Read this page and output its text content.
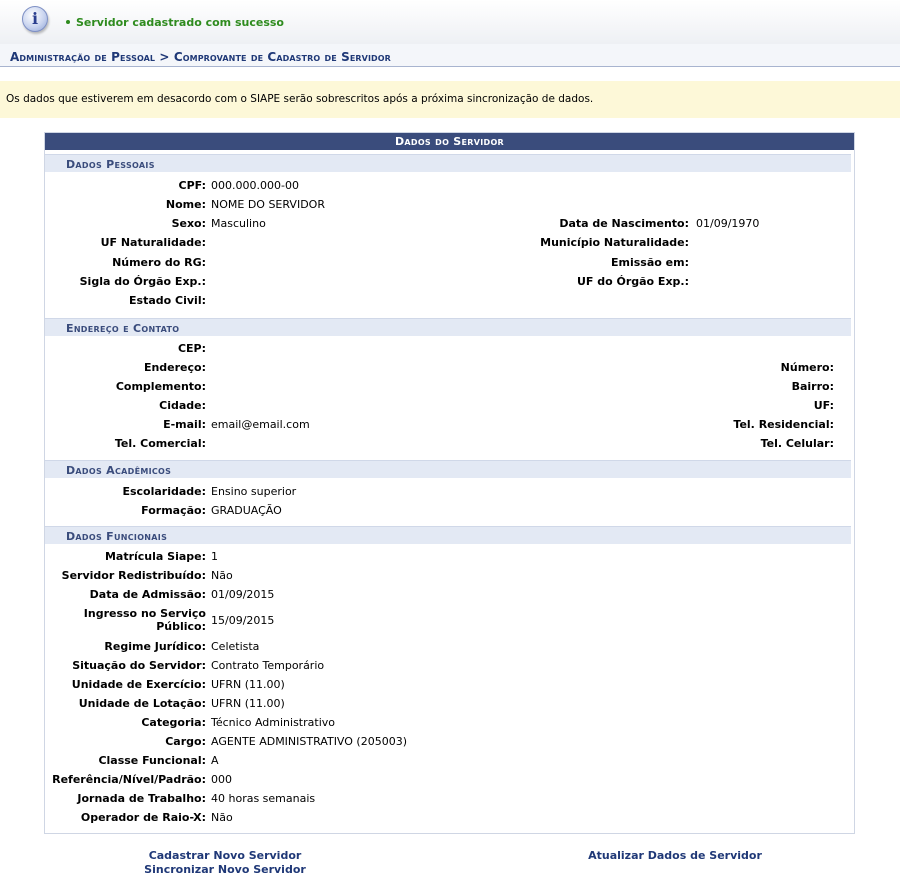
i	Servidor cadastrado com sucesso
Administração de Pessoal > Comprovante de Cadastro de Servidor
Os dados que estiverem em desacordo com o SIAPE serão sobrescritos após a próxima sincronização de dados.
Dados do Servidor
Dados Pessoais
Endereço e Contato
Dados Acadêmicos
Dados Funcionais
CPF: 000.000.000-00
Nome: NOME DO SERVIDOR
Sexo: Masculino	Data de Nascimento: 01/09/1970
UF Naturalidade:	Município Naturalidade:
Número do RG:	Emissão em:
Sigla do Órgão Exp.:	UF do Órgão Exp.:
Estado Civil:
CEP:
Endereço:	Número:
Complemento:	Bairro:
Cidade:	UF:
E-mail: email@email.com	Tel. Residencial:
Tel. Comercial:	Tel. Celular:
Escolaridade: Ensino superior
Formação: GRADUAÇÃO
Matrícula Siape: 1
Servidor Redistribuído: Não
Data de Admissão: 01/09/2015
Ingresso no Serviço
Público: 15/09/2015
Regime Jurídico: Celetista
Situação do Servidor: Contrato Temporário
Unidade de Exercício: UFRN (11.00)
Unidade de Lotação: UFRN (11.00)
Categoria: Técnico Administrativo
Cargo: AGENTE ADMINISTRATIVO (205003)
Classe Funcional: A
Referência/Nível/Padrão: 000
Jornada de Trabalho: 40 horas semanais
Operador de Raio-X: Não
Cadastrar Novo Servidor
Sincronizar Novo Servidor
Atualizar Dados de Servidor
